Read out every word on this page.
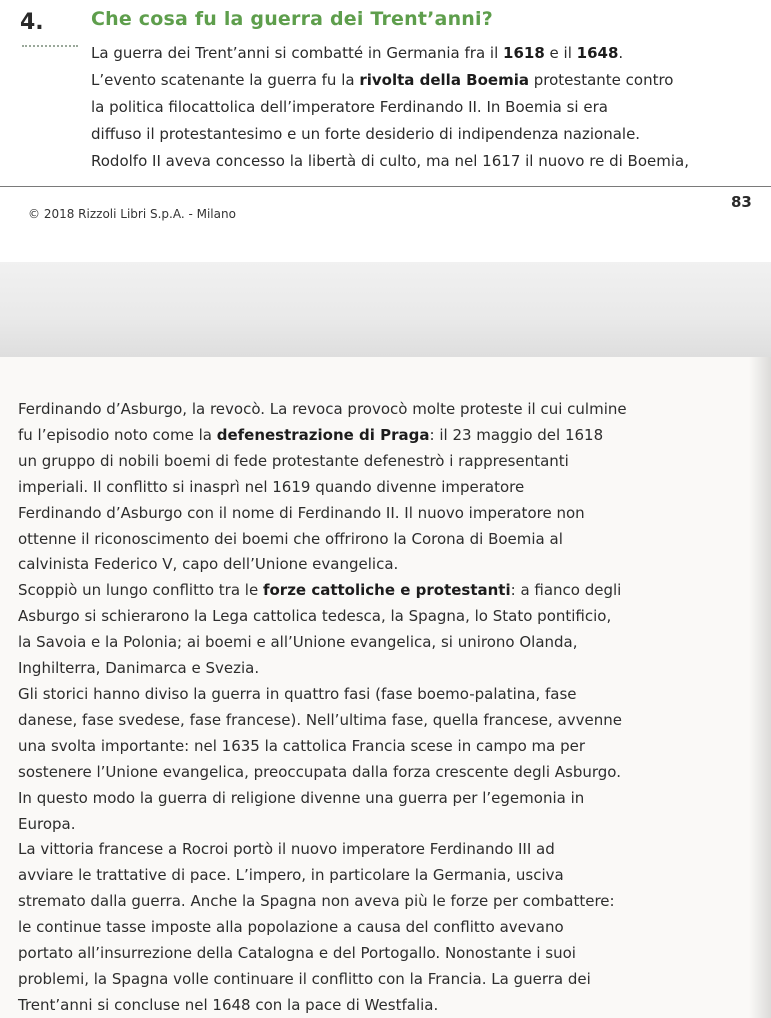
4. Che cosa fu la guerra dei Trent’anni?
La guerra dei Trent’anni si combatté in Germania fra il 1618 e il 1648.
L’evento scatenante la guerra fu la rivolta della Boemia protestante contro
la politica filocattolica dell’imperatore Ferdinando II. In Boemia si era
diffuso il protestantesimo e un forte desiderio di indipendenza nazionale.
Rodolfo II aveva concesso la libertà di culto, ma nel 1617 il nuovo re di Boemia,
© 2018 Rizzoli Libri S.p.A. - Milano
83
Ferdinando d’Asburgo, la revocò. La revoca provocò molte proteste il cui culmine
fu l’episodio noto come la defenestrazione di Praga: il 23 maggio del 1618
un gruppo di nobili boemi di fede protestante defenestrò i rappresentanti
imperiali. Il conflitto si inasprì nel 1619 quando divenne imperatore
Ferdinando d’Asburgo con il nome di Ferdinando II. Il nuovo imperatore non
ottenne il riconoscimento dei boemi che offrirono la Corona di Boemia al
calvinista Federico V, capo dell’Unione evangelica.
Scoppiò un lungo conflitto tra le forze cattoliche e protestanti: a fianco degli
Asburgo si schierarono la Lega cattolica tedesca, la Spagna, lo Stato pontificio,
la Savoia e la Polonia; ai boemi e all’Unione evangelica, si unirono Olanda,
Inghilterra, Danimarca e Svezia.
Gli storici hanno diviso la guerra in quattro fasi (fase boemo-palatina, fase
danese, fase svedese, fase francese). Nell’ultima fase, quella francese, avvenne
una svolta importante: nel 1635 la cattolica Francia scese in campo ma per
sostenere l’Unione evangelica, preoccupata dalla forza crescente degli Asburgo.
In questo modo la guerra di religione divenne una guerra per l’egemonia in
Europa.
La vittoria francese a Rocroi portò il nuovo imperatore Ferdinando III ad
avviare le trattative di pace. L’impero, in particolare la Germania, usciva
stremato dalla guerra. Anche la Spagna non aveva più le forze per combattere:
le continue tasse imposte alla popolazione a causa del conflitto avevano
portato all’insurrezione della Catalogna e del Portogallo. Nonostante i suoi
problemi, la Spagna volle continuare il conflitto con la Francia. La guerra dei
Trent’anni si concluse nel 1648 con la pace di Westfalia.
